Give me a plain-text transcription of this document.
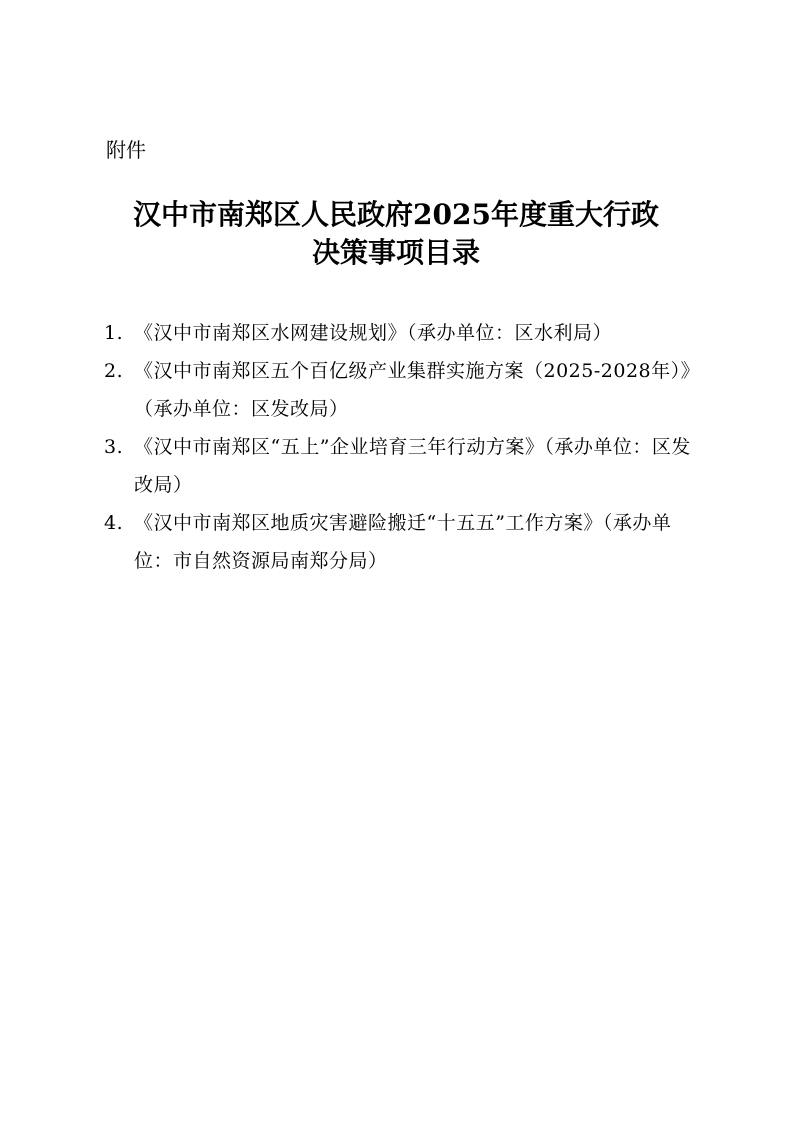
附件
汉中市南郑区人民政府2025年度重大行政
决策事项目录
1. 《汉中市南郑区水网建设规划》（承办单位：区水利局）
2. 《汉中市南郑区五个百亿级产业集群实施方案（2025-2028年）》（承办单位：区发改局）
3. 《汉中市南郑区“五上”企业培育三年行动方案》（承办单位：区发改局）
4. 《汉中市南郑区地质灾害避险搬迁“十五五”工作方案》（承办单位：市自然资源局南郑分局）
